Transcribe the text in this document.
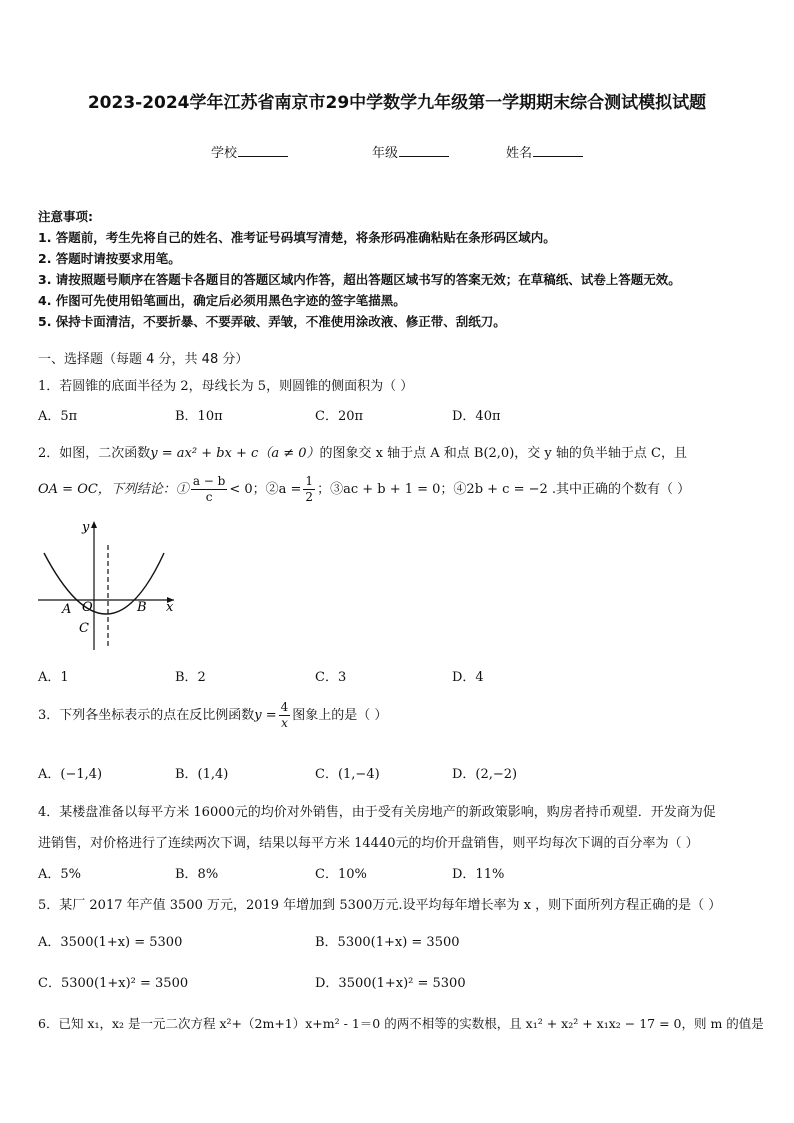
2023-2024学年江苏省南京市29中学数学九年级第一学期期末综合测试模拟试题
学校	年级	姓名
注意事项:
1. 答题前，考生先将自己的姓名、准考证号码填写清楚，将条形码准确粘贴在条形码区域内。
2. 答题时请按要求用笔。
3. 请按照题号顺序在答题卡各题目的答题区域内作答，超出答题区域书写的答案无效；在草稿纸、试卷上答题无效。
4. 作图可先使用铅笔画出，确定后必须用黑色字迹的签字笔描黑。
5. 保持卡面清洁，不要折暴、不要弄破、弄皱，不准使用涂改液、修正带、刮纸刀。
一、选择题（每题 4 分，共 48 分）
1．若圆锥的底面半径为 2，母线长为 5，则圆锥的侧面积为（ ）
A．5π	B．10π	C．20π	D．40π
2．如图，二次函数y = ax² + bx + c（a ≠ 0）的图象交 x 轴于点 A 和点 B(2,0)，交 y 轴的负半轴于点 C，且
OA = OC，下列结论：① $\frac{a - b}{c} < 0$；②a = $\frac{1}{2}$ ；③ac + b + 1 = 0；④2b + c = −2 .其中正确的个数有（ ）
y
x
A O	B
C
A．1	B．2	C．3	D．4
3．下列各坐标表示的点在反比例函数$y = \frac{4}{x}$ 图象上的是（ ）
A．(−1,4)	B．(1,4)	C．(1,−4)	D．(2,−2)
4．某楼盘准备以每平方米 16000元的均价对外销售，由于受有关房地产的新政策影响，购房者持币观望．开发商为促
进销售，对价格进行了连续两次下调，结果以每平方米 14440元的均价开盘销售，则平均每次下调的百分率为（ ）
A．5%	B．8%	C．10%	D．11%
5．某厂 2017 年产值 3500 万元，2019 年增加到 5300万元.设平均每年增长率为 x ，则下面所列方程正确的是（ ）
A．3500(1+x) = 5300	B．5300(1+x) = 3500
C．5300(1+x)² = 3500	D．3500(1+x)² = 5300
6．已知 x₁，x₂ 是一元二次方程 x²+（2m+1）x+m² - 1＝0 的两不相等的实数根，且 x₁² + x₂² + x₁x₂ − 17 = 0，则 m 的值是
